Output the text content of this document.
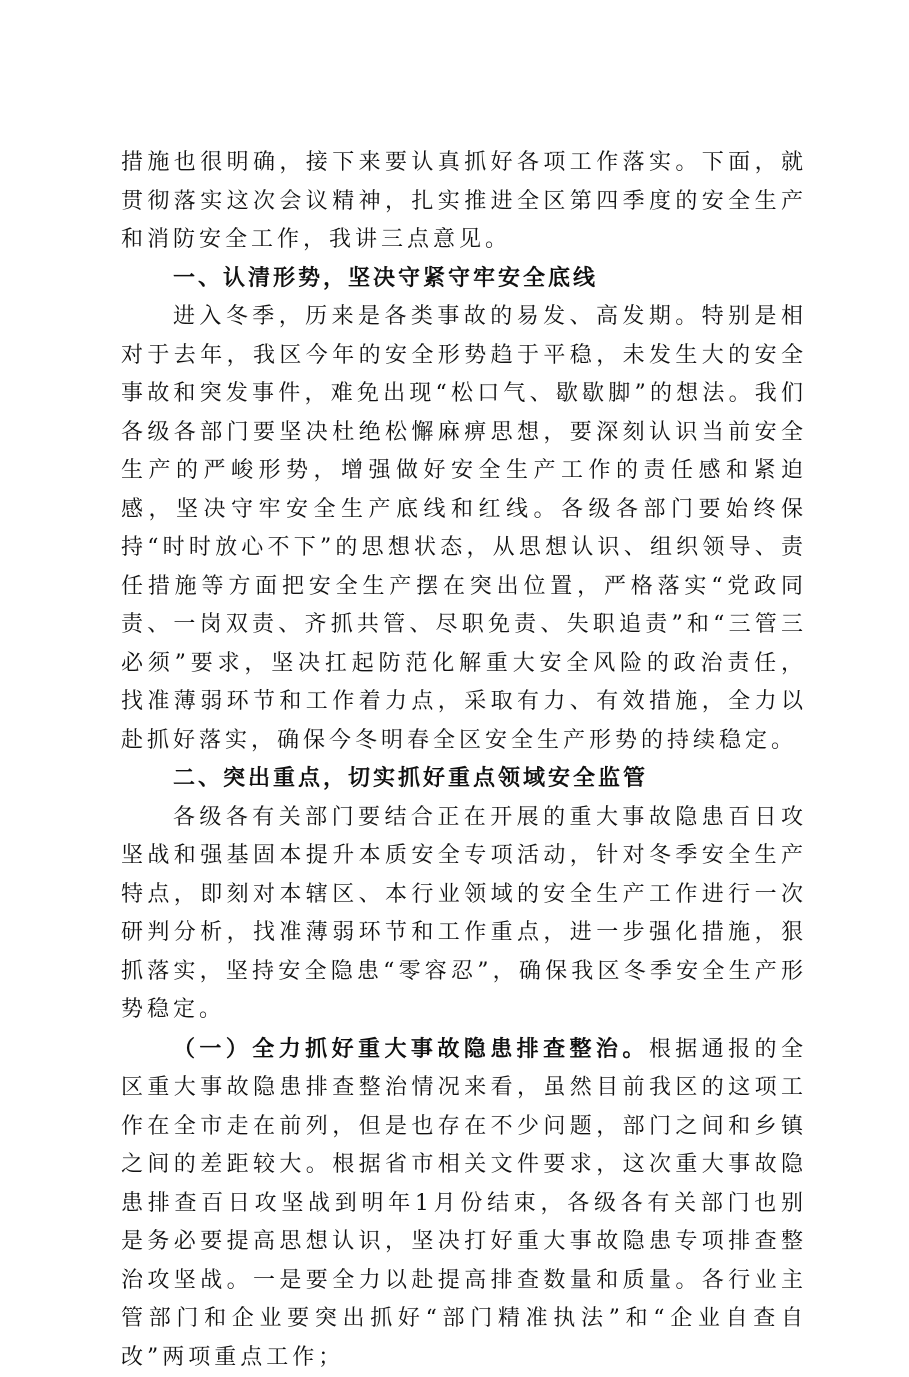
措施也很明确，接下来要认真抓好各项工作落实。下面，就贯彻落实这次会议精神，扎实推进全区第四季度的安全生产和消防安全工作，我讲三点意见。

一、认清形势，坚决守紧守牢安全底线

进入冬季，历来是各类事故的易发、高发期。特别是相对于去年，我区今年的安全形势趋于平稳，未发生大的安全事故和突发事件，难免出现“松口气、歇歇脚”的想法。我们各级各部门要坚决杜绝松懈麻痹思想，要深刻认识当前安全生产的严峻形势，增强做好安全生产工作的责任感和紧迫感，坚决守牢安全生产底线和红线。各级各部门要始终保持“时时放心不下”的思想状态，从思想认识、组织领导、责任措施等方面把安全生产摆在突出位置，严格落实“党政同责、一岗双责、齐抓共管、尽职免责、失职追责”和“三管三必须”要求，坚决扛起防范化解重大安全风险的政治责任，找准薄弱环节和工作着力点，采取有力、有效措施，全力以赴抓好落实，确保今冬明春全区安全生产形势的持续稳定。

二、突出重点，切实抓好重点领域安全监管

各级各有关部门要结合正在开展的重大事故隐患百日攻坚战和强基固本提升本质安全专项活动，针对冬季安全生产特点，即刻对本辖区、本行业领域的安全生产工作进行一次研判分析，找准薄弱环节和工作重点，进一步强化措施，狠抓落实，坚持安全隐患“零容忍”，确保我区冬季安全生产形势稳定。

（一）全力抓好重大事故隐患排查整治。根据通报的全区重大事故隐患排查整治情况来看，虽然目前我区的这项工作在全市走在前列，但是也存在不少问题，部门之间和乡镇之间的差距较大。根据省市相关文件要求，这次重大事故隐患排查百日攻坚战到明年1月份结束，各级各有关部门也别是务必要提高思想认识，坚决打好重大事故隐患专项排查整治攻坚战。一是要全力以赴提高排查数量和质量。各行业主管部门和企业要突出抓好“部门精准执法”和“企业自查自改”两项重点工作；
